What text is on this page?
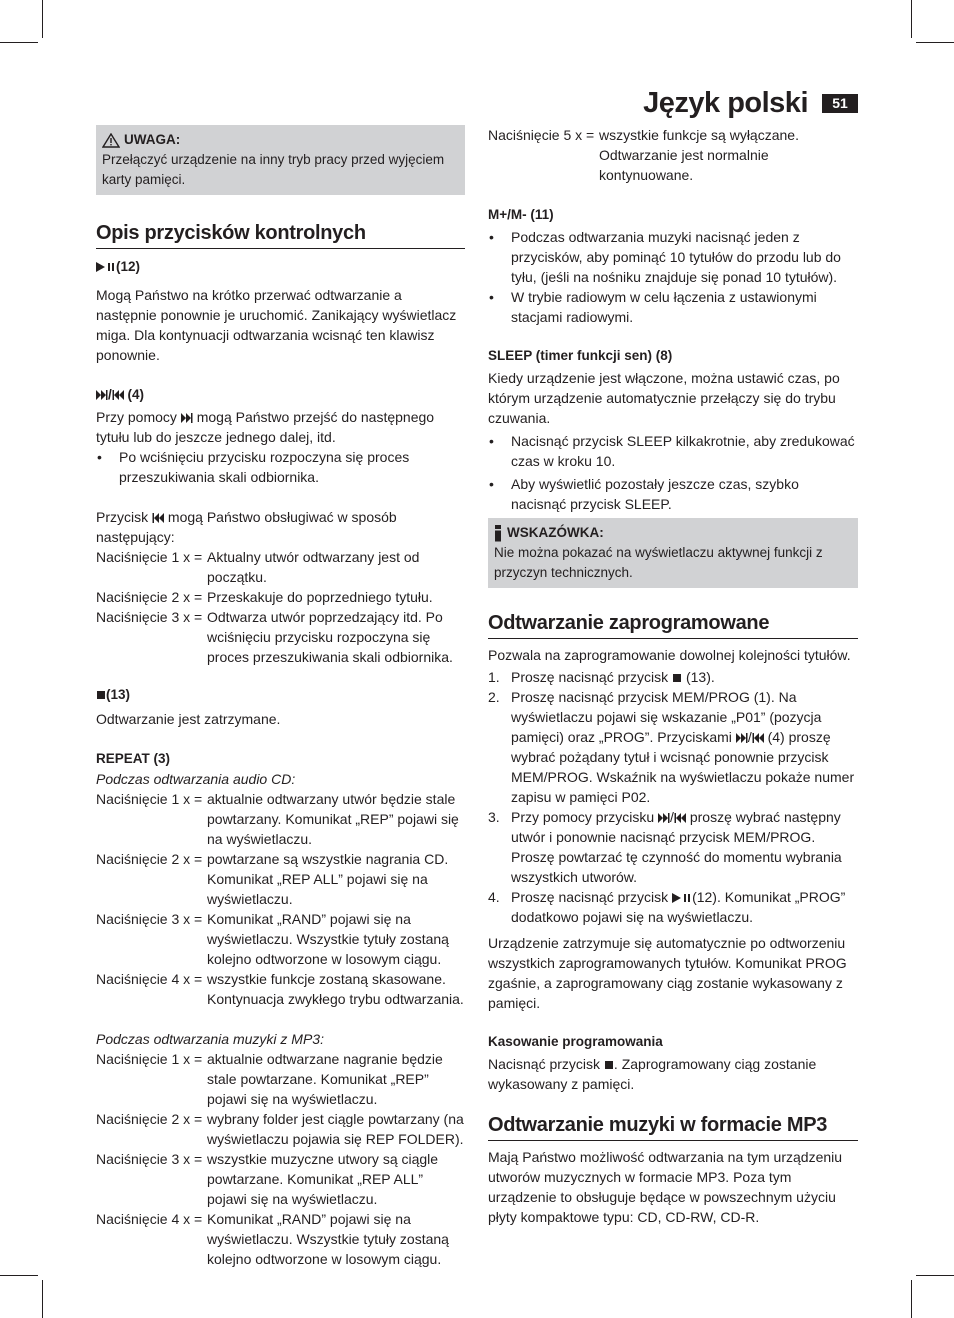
Język polski	51
UWAGA:

Przełączyć urządzenie na inny tryb pracy przed wyjęciem karty pamięci.

Opis przycisków kontrolnych
(12)

Mogą Państwo na krótko przerwać odtwarzanie a następnie ponownie je uruchomić. Zanikający wyświetlacz miga. Dla kontynuacji odtwarzania wcisnąć ten klawisz ponownie.

/ (4)

Przy pomocy mogą Państwo przejść do następnego tytułu lub do jeszcze jednego dalej, itd.

• Po wciśnięciu przycisku rozpoczyna się proces przeszukiwania skali odbiornika.

Przycisk mogą Państwo obsługiwać w sposób następujący:

Naciśnięcie 1 x = Aktualny utwór odtwarzany jest od początku.
Naciśnięcie 2 x = Przeskakuje do poprzedniego tytułu.
Naciśnięcie 3 x = Odtwarza utwór poprzedzający itd. Po wciśnięciu przycisku rozpoczyna się proces przeszukiwania skali odbiornika.
(13)

Odtwarzanie jest zatrzymane.

REPEAT (3)

Podczas odtwarzania audio CD:

Naciśnięcie 1 x = aktualnie odtwarzany utwór będzie stale powtarzany. Komunikat „REP” pojawi się na wyświetlaczu.
Naciśnięcie 2 x = powtarzane są wszystkie nagrania CD. Komunikat „REP ALL” pojawi się na wyświetlaczu.
Naciśnięcie 3 x = Komunikat „RAND” pojawi się na wyświetlaczu. Wszystkie tytuły zostaną kolejno odtworzone w losowym ciągu.
Naciśnięcie 4 x = wszystkie funkcje zostaną skasowane. Kontynuacja zwykłego trybu odtwarzania.

Podczas odtwarzania muzyki z MP3:

Naciśnięcie 1 x = aktualnie odtwarzane nagranie będzie stale powtarzane. Komunikat „REP” pojawi się na wyświetlaczu.
Naciśnięcie 2 x = wybrany folder jest ciągle powtarzany (na wyświetlaczu pojawia się REP FOLDER).
Naciśnięcie 3 x = wszystkie muzyczne utwory są ciągle powtarzane. Komunikat „REP ALL” pojawi się na wyświetlaczu.
Naciśnięcie 4 x = Komunikat „RAND” pojawi się na wyświetlaczu. Wszystkie tytuły zostaną kolejno odtworzone w losowym ciągu.
Naciśnięcie 5 x = wszystkie funkcje są wyłączane. Odtwarzanie jest normalnie kontynuowane.
M+/M- (11)
• Podczas odtwarzania muzyki nacisnąć jeden z przycisków, aby pominąć 10 tytułów do przodu lub do tyłu, (jeśli na nośniku znajduje się ponad 10 tytułów).
• W trybie radiowym w celu łączenia z ustawionymi stacjami radiowymi.
SLEEP (timer funkcji sen) (8)

Kiedy urządzenie jest włączone, można ustawić czas, po którym urządzenie automatycznie przełączy się do trybu czuwania.

• Nacisnąć przycisk SLEEP kilkakrotnie, aby zredukować czas w kroku 10.
• Aby wyświetlić pozostały jeszcze czas, szybko nacisnąć przycisk SLEEP.
WSKAZÓWKA:

Nie można pokazać na wyświetlaczu aktywnej funkcji z przyczyn technicznych.

Odtwarzanie zaprogramowane

Pozwala na zaprogramowanie dowolnej kolejności tytułów.

1. Proszę nacisnąć przycisk (13).
2. Proszę nacisnąć przycisk MEM/PROG (1). Na wyświetlaczu pojawi się wskazanie „P01” (pozycja pamięci) oraz „PROG”. Przyciskami / (4) proszę wybrać pożądany tytuł i wcisnąć ponownie przycisk MEM/PROG. Wskaźnik na wyświetlaczu pokaże numer zapisu w pamięci P02.
3. Przy pomocy przycisku / proszę wybrać następny utwór i ponownie nacisnąć przycisk MEM/PROG. Proszę powtarzać tę czynność do momentu wybrania wszystkich utworów.
4. Proszę nacisnąć przycisk (12). Komunikat „PROG” dodatkowo pojawi się na wyświetlaczu.

Urządzenie zatrzymuje się automatycznie po odtworzeniu wszystkich zaprogramowanych tytułów. Komunikat PROG zgaśnie, a zaprogramowany ciąg zostanie wykasowany z pamięci.

Kasowanie programowania

Nacisnąć przycisk . Zaprogramowany ciąg zostanie wykasowany z pamięci.

Odtwarzanie muzyki w formacie MP3

Mają Państwo możliwość odtwarzania na tym urządzeniu utworów muzycznych w formacie MP3. Poza tym urządzenie to obsługuje będące w powszechnym użyciu płyty kompaktowe typu: CD, CD-RW, CD-R.
